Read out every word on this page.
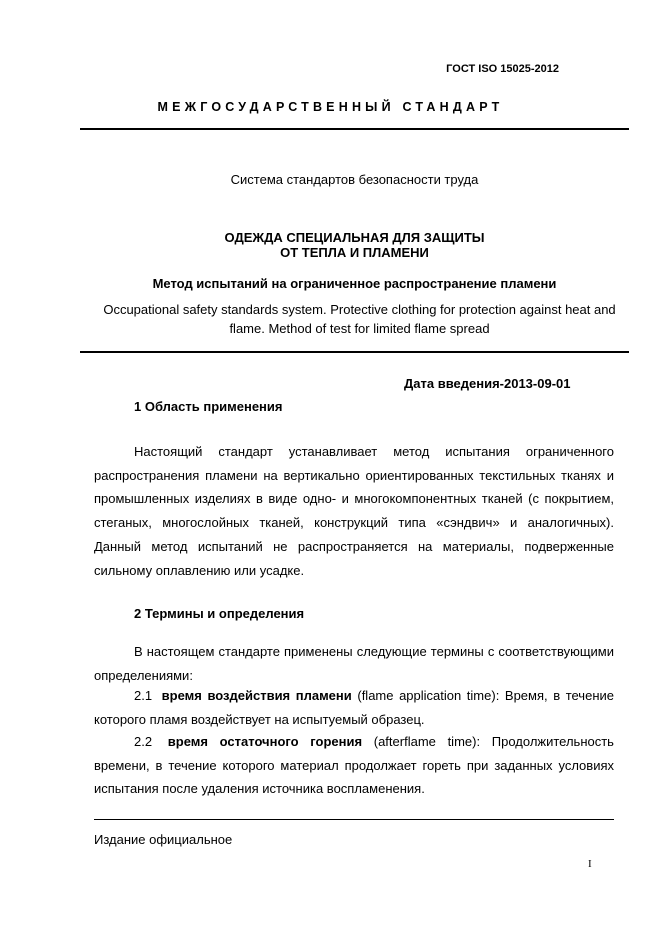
ГОСТ ISO 15025-2012
МЕЖГОСУДАРСТВЕННЫЙ СТАНДАРТ
Система стандартов безопасности труда
ОДЕЖДА СПЕЦИАЛЬНАЯ ДЛЯ ЗАЩИТЫ
ОТ ТЕПЛА И ПЛАМЕНИ
Метод испытаний на ограниченное распространение пламени
Occupational safety standards system. Protective clothing for protection against heat and flame. Method of test for limited flame spread
Дата введения-2013-09-01
1 Область применения

Настоящий стандарт устанавливает метод испытания ограниченного распространения пламени на вертикально ориентированных текстильных тканях и промышленных изделиях в виде одно- и многокомпонентных тканей (с покрытием, стеганых, многослойных тканей, конструкций типа «сэндвич» и аналогичных). Данный метод испытаний не распространяется на материалы, подверженные сильному оплавлению или усадке.

2 Термины и определения

В настоящем стандарте применены следующие термины с соответствующими определениями:

2.1 время воздействия пламени (flame application time): Время, в течение которого пламя воздействует на испытуемый образец.

2.2 время остаточного горения (afterflame time): Продолжительность времени, в течение которого материал продолжает гореть при заданных условиях испытания после удаления источника воспламенения.

Издание официальное
I
